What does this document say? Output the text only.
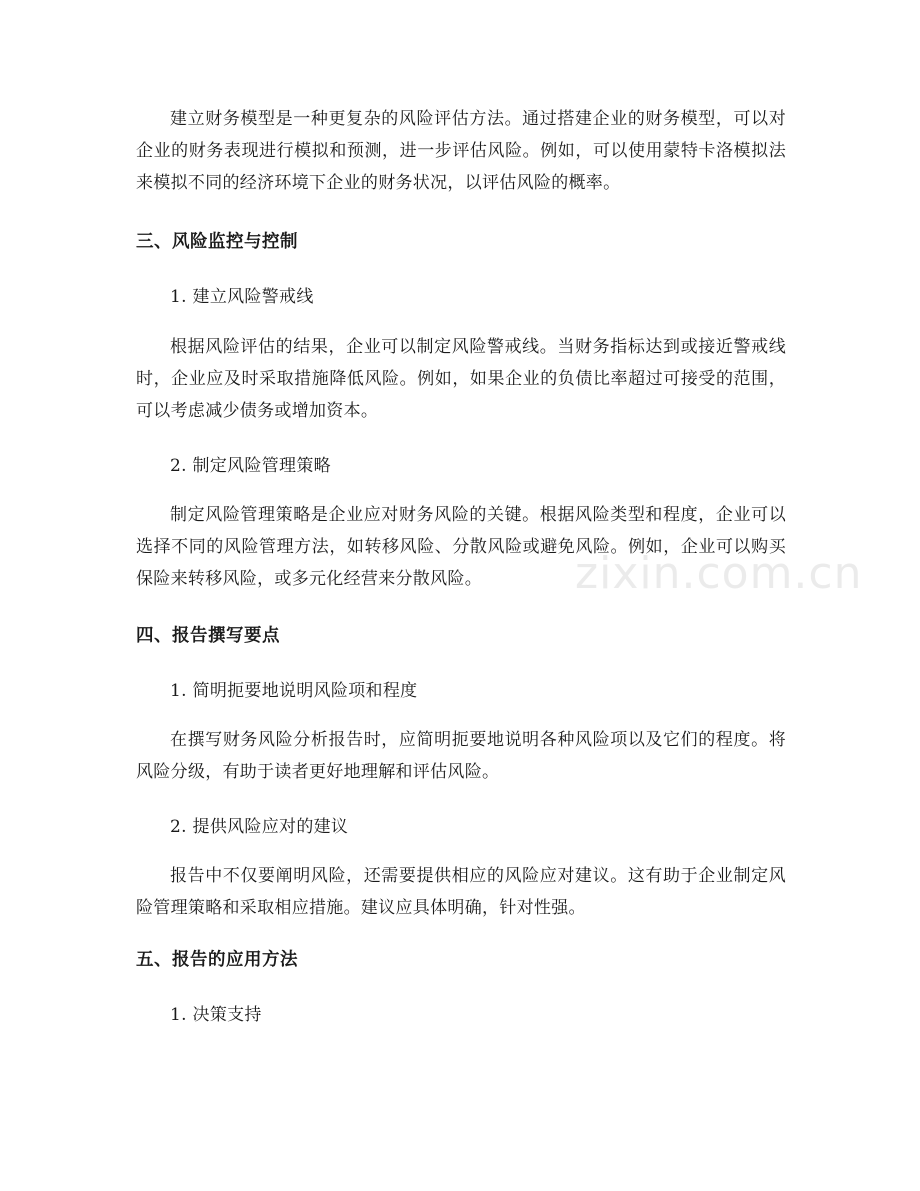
建立财务模型是一种更复杂的风险评估方法。通过搭建企业的财务模型，可以对企业的财务表现进行模拟和预测，进一步评估风险。例如，可以使用蒙特卡洛模拟法来模拟不同的经济环境下企业的财务状况，以评估风险的概率。

三、风险监控与控制
1. 建立风险警戒线

根据风险评估的结果，企业可以制定风险警戒线。当财务指标达到或接近警戒线时，企业应及时采取措施降低风险。例如，如果企业的负债比率超过可接受的范围，可以考虑减少债务或增加资本。

2. 制定风险管理策略

制定风险管理策略是企业应对财务风险的关键。根据风险类型和程度，企业可以选择不同的风险管理方法，如转移风险、分散风险或避免风险。例如，企业可以购买保险来转移风险，或多元化经营来分散风险。

四、报告撰写要点
1. 简明扼要地说明风险项和程度

在撰写财务风险分析报告时，应简明扼要地说明各种风险项以及它们的程度。将风险分级，有助于读者更好地理解和评估风险。

2. 提供风险应对的建议

报告中不仅要阐明风险，还需要提供相应的风险应对建议。这有助于企业制定风险管理策略和采取相应措施。建议应具体明确，针对性强。

五、报告的应用方法
1. 决策支持
zixin.com.cn
